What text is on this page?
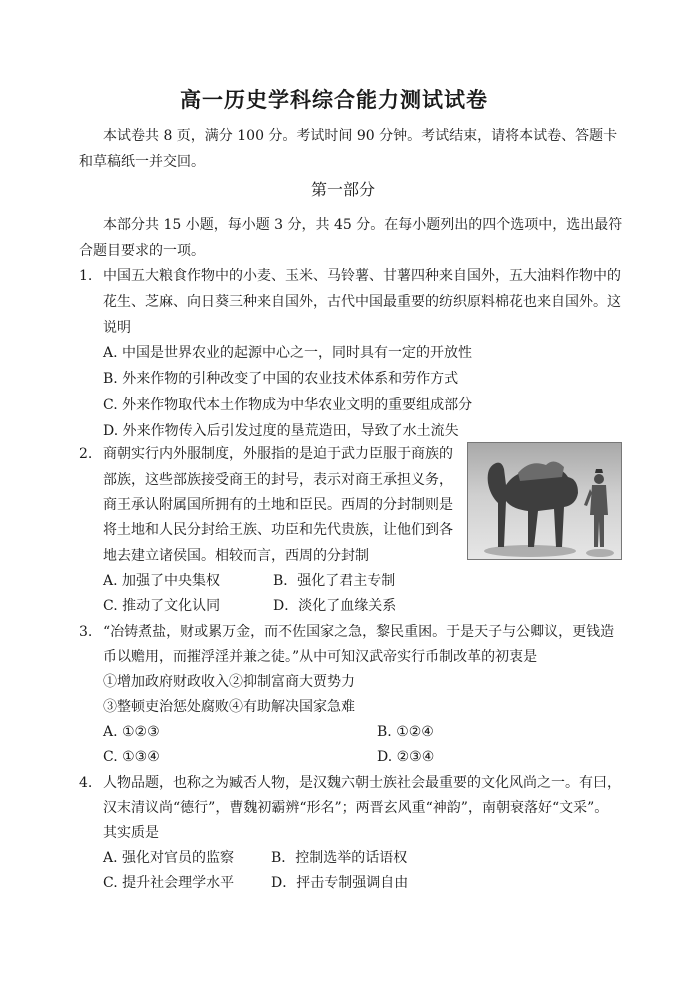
高一历史学科综合能力测试试卷
本试卷共 8 页，满分 100 分。考试时间 90 分钟。考试结束，请将本试卷、答题卡
和草稿纸一并交回。
第一部分
本部分共 15 小题，每小题 3 分，共 45 分。在每小题列出的四个选项中，选出最符
合题目要求的一项。
1. 中国五大粮食作物中的小麦、玉米、马铃薯、甘薯四种来自国外，五大油料作物中的
花生、芝麻、向日葵三种来自国外，古代中国最重要的纺织原料棉花也来自国外。这
说明
A. 中国是世界农业的起源中心之一，同时具有一定的开放性
B. 外来作物的引种改变了中国的农业技术体系和劳作方式
C. 外来作物取代本土作物成为中华农业文明的重要组成部分
D. 外来作物传入后引发过度的垦荒造田，导致了水土流失
2. 商朝实行内外服制度，外服指的是迫于武力臣服于商族的
部族，这些部族接受商王的封号，表示对商王承担义务，
商王承认附属国所拥有的土地和臣民。西周的分封制则是
将土地和人民分封给王族、功臣和先代贵族，让他们到各
地去建立诸侯国。相较而言，西周的分封制
A. 加强了中央集权	B．强化了君主专制
C. 推动了文化认同	D．淡化了血缘关系
3. “冶铸煮盐，财或累万金，而不佐国家之急，黎民重困。于是天子与公卿议，更钱造
币以赡用，而摧浮淫并兼之徒。”从中可知汉武帝实行币制改革的初衷是
①增加政府财政收入②抑制富商大贾势力
③整顿吏治惩处腐败④有助解决国家急难
A. ①②③	B. ①②④
C. ①③④	D. ②③④
4. 人物品题，也称之为臧否人物，是汉魏六朝士族社会最重要的文化风尚之一。有曰，
汉末清议尚“德行”，曹魏初霸辨“形名”；两晋玄风重“神韵”，南朝衰落好“文采”。
其实质是
A. 强化对官员的监察	B．控制选举的话语权
C. 提升社会理学水平	D．抨击专制强调自由
